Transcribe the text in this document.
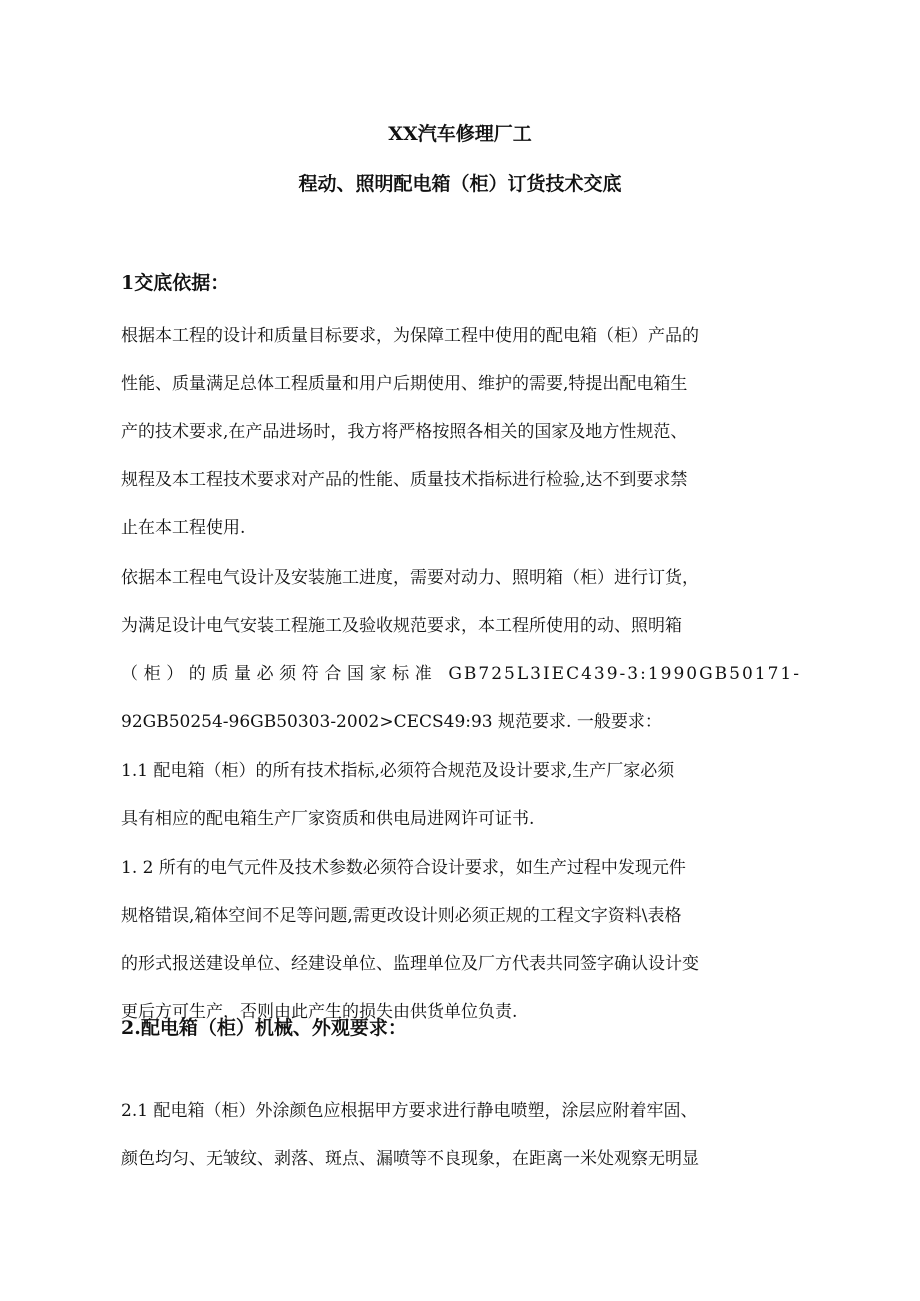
XX汽车修理厂工
程动、照明配电箱（柜）订货技术交底
1交底依据：
根据本工程的设计和质量目标要求，为保障工程中使用的配电箱（柜）产品的
性能、质量满足总体工程质量和用户后期使用、维护的需要,特提出配电箱生
产的技术要求,在产品进场时，我方将严格按照各相关的国家及地方性规范、
规程及本工程技术要求对产品的性能、质量技术指标进行检验,达不到要求禁
止在本工程使用.
依据本工程电气设计及安装施工进度，需要对动力、照明箱（柜）进行订货，
为满足设计电气安装工程施工及验收规范要求，本工程所使用的动、照明箱
（柜）的质量必须符合国家标准 GB725L3IEC439-3:1990GB50171-
92GB50254-96GB50303-2002>CECS49:93 规范要求. 一般要求：
1.1 配电箱（柜）的所有技术指标,必须符合规范及设计要求,生产厂家必须
具有相应的配电箱生产厂家资质和供电局进网许可证书.
1. 2 所有的电气元件及技术参数必须符合设计要求，如生产过程中发现元件
规格错误,箱体空间不足等问题,需更改设计则必须正规的工程文字资料\表格
的形式报送建设单位、经建设单位、监理单位及厂方代表共同签字确认设计变
更后方可生产，否则由此产生的损失由供货单位负责.
2.配电箱（柜）机械、外观要求：
2.1 配电箱（柜）外涂颜色应根据甲方要求进行静电喷塑，涂层应附着牢固、
颜色均匀、无皱纹、剥落、斑点、漏喷等不良现象，在距离一米处观察无明显
